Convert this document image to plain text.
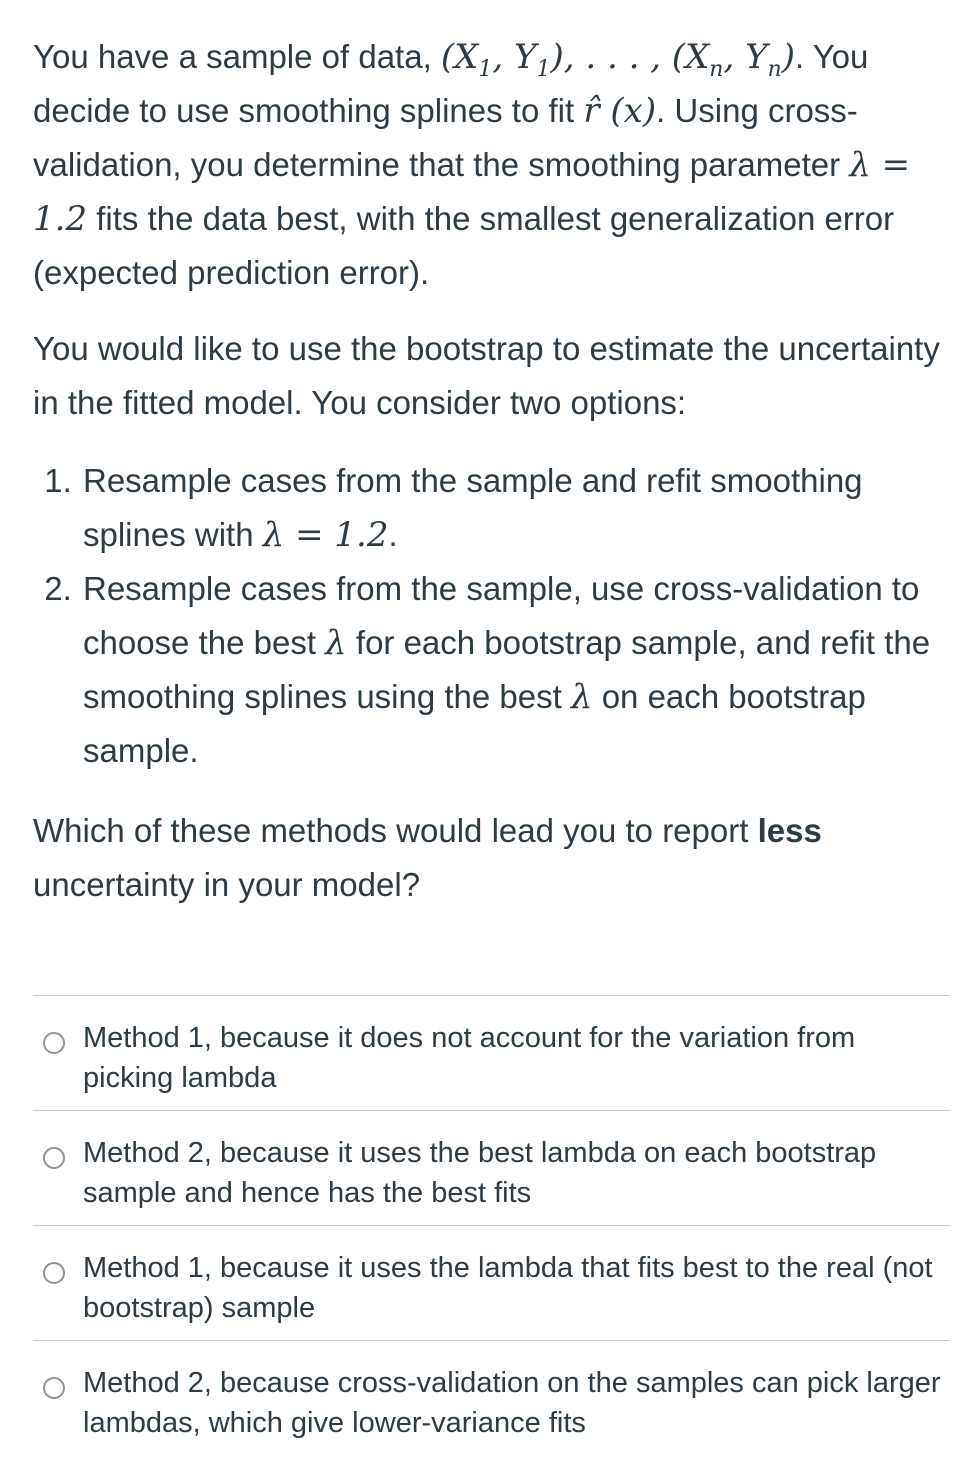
You have a sample of data, ($X_1$, $Y_1$), . . . , ($X_n$, $Y_n$). You decide to use smoothing splines to fit r̂ (x). Using cross-validation, you determine that the smoothing parameter λ = 1.2 fits the data best, with the smallest generalization error (expected prediction error).

You would like to use the bootstrap to estimate the uncertainty in the fitted model. You consider two options:

1. Resample cases from the sample and refit smoothing splines with λ = 1.2.
2. Resample cases from the sample, use cross-validation to choose the best λ for each bootstrap sample, and refit the smoothing splines using the best λ on each bootstrap sample.

Which of these methods would lead you to report less uncertainty in your model?

Method 1, because it does not account for the variation from picking lambda
Method 2, because it uses the best lambda on each bootstrap sample and hence has the best fits
Method 1, because it uses the lambda that fits best to the real (not bootstrap) sample
Method 2, because cross-validation on the samples can pick larger lambdas, which give lower-variance fits
